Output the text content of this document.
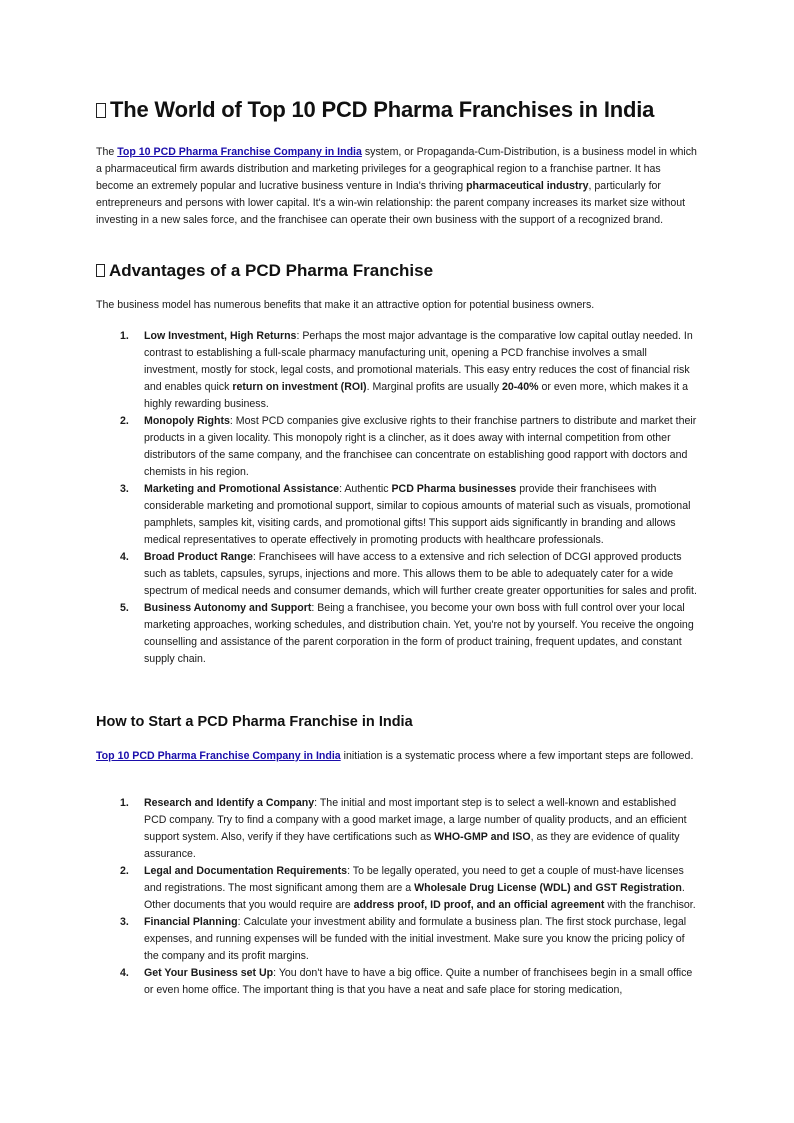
The World of Top 10 PCD Pharma Franchises in India

The Top 10 PCD Pharma Franchise Company in India system, or Propaganda-Cum-Distribution, is a business model in which a pharmaceutical firm awards distribution and marketing privileges for a geographical region to a franchise partner. It has become an extremely popular and lucrative business venture in India's thriving pharmaceutical industry, particularly for entrepreneurs and persons with lower capital. It's a win-win relationship: the parent company increases its market size without investing in a new sales force, and the franchisee can operate their own business with the support of a recognized brand.

Advantages of a PCD Pharma Franchise

The business model has numerous benefits that make it an attractive option for potential business owners.

1. Low Investment, High Returns: Perhaps the most major advantage is the comparative low capital outlay needed. In contrast to establishing a full-scale pharmacy manufacturing unit, opening a PCD franchise involves a small investment, mostly for stock, legal costs, and promotional materials. This easy entry reduces the cost of financial risk and enables quick return on investment (ROI). Marginal profits are usually 20-40% or even more, which makes it a highly rewarding business.
2. Monopoly Rights: Most PCD companies give exclusive rights to their franchise partners to distribute and market their products in a given locality. This monopoly right is a clincher, as it does away with internal competition from other distributors of the same company, and the franchisee can concentrate on establishing good rapport with doctors and chemists in his region.
3. Marketing and Promotional Assistance: Authentic PCD Pharma businesses provide their franchisees with considerable marketing and promotional support, similar to copious amounts of material such as visuals, promotional pamphlets, samples kit, visiting cards, and promotional gifts! This support aids significantly in branding and allows medical representatives to operate effectively in promoting products with healthcare professionals.
4. Broad Product Range: Franchisees will have access to a extensive and rich selection of DCGI approved products such as tablets, capsules, syrups, injections and more. This allows them to be able to adequately cater for a wide spectrum of medical needs and consumer demands, which will further create greater opportunities for sales and profit.
5. Business Autonomy and Support: Being a franchisee, you become your own boss with full control over your local marketing approaches, working schedules, and distribution chain. Yet, you're not by yourself. You receive the ongoing counselling and assistance of the parent corporation in the form of product training, frequent updates, and constant supply chain.
How to Start a PCD Pharma Franchise in India

Top 10 PCD Pharma Franchise Company in India initiation is a systematic process where a few important steps are followed.

1. Research and Identify a Company: The initial and most important step is to select a well-known and established PCD company. Try to find a company with a good market image, a large number of quality products, and an efficient support system. Also, verify if they have certifications such as WHO-GMP and ISO, as they are evidence of quality assurance.
2. Legal and Documentation Requirements: To be legally operated, you need to get a couple of must-have licenses and registrations. The most significant among them are a Wholesale Drug License (WDL) and GST Registration. Other documents that you would require are address proof, ID proof, and an official agreement with the franchisor.
3. Financial Planning: Calculate your investment ability and formulate a business plan. The first stock purchase, legal expenses, and running expenses will be funded with the initial investment. Make sure you know the pricing policy of the company and its profit margins.
4. Get Your Business set Up: You don't have to have a big office. Quite a number of franchisees begin in a small office or even home office. The important thing is that you have a neat and safe place for storing medication,
